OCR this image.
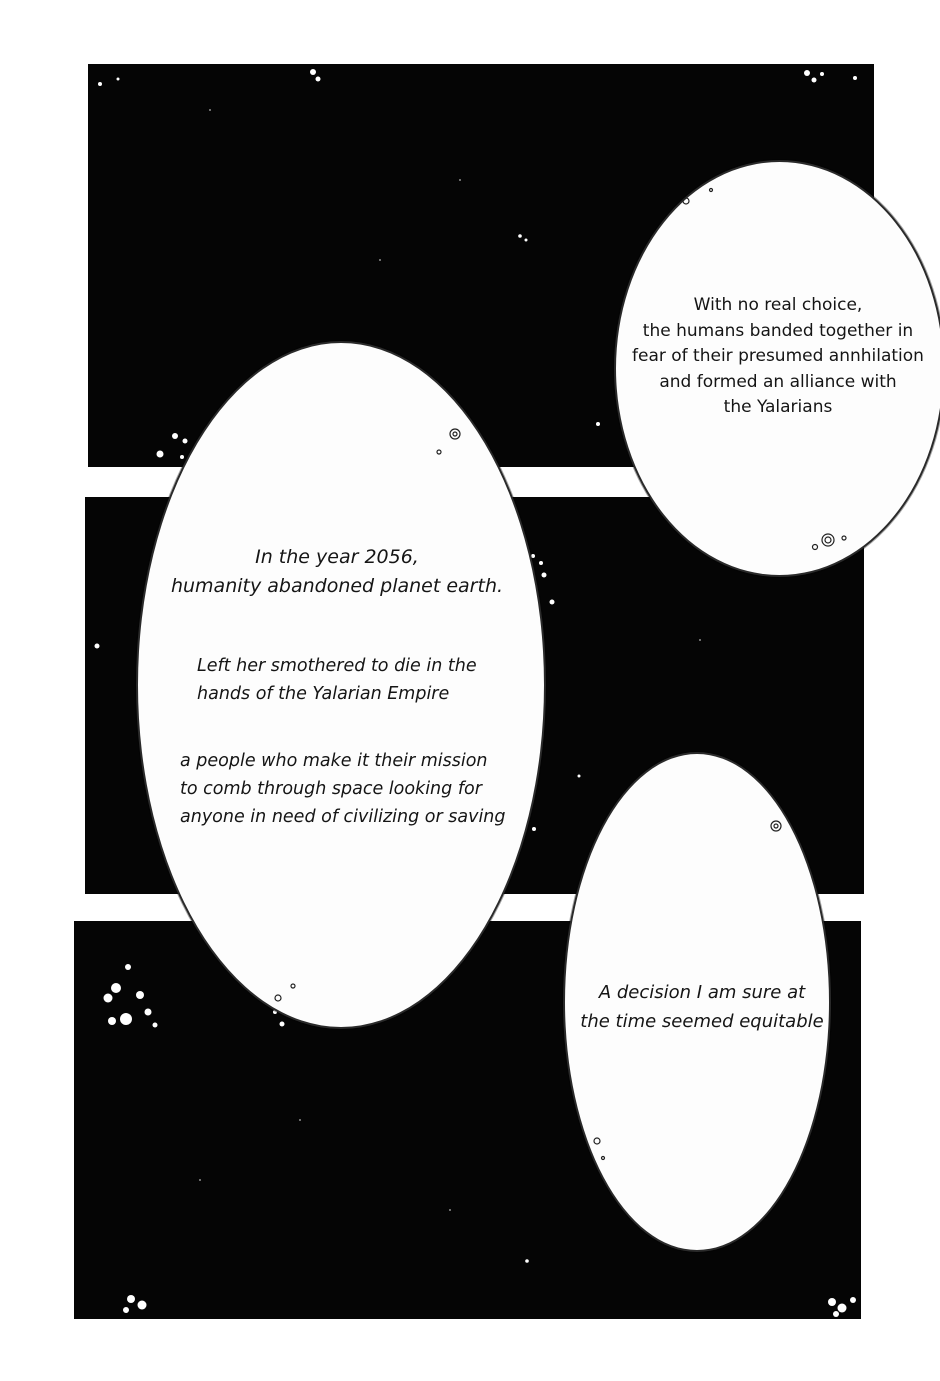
In the year 2056,
humanity abandoned planet earth.
Left her smothered to die in the
hands of the Yalarian Empire
a people who make it their mission
to comb through space looking for
anyone in need of civilizing or saving
With no real choice,
the humans banded together in
fear of their presumed annhilation
and formed an alliance with
the Yalarians
A decision I am sure at
the time seemed equitable
